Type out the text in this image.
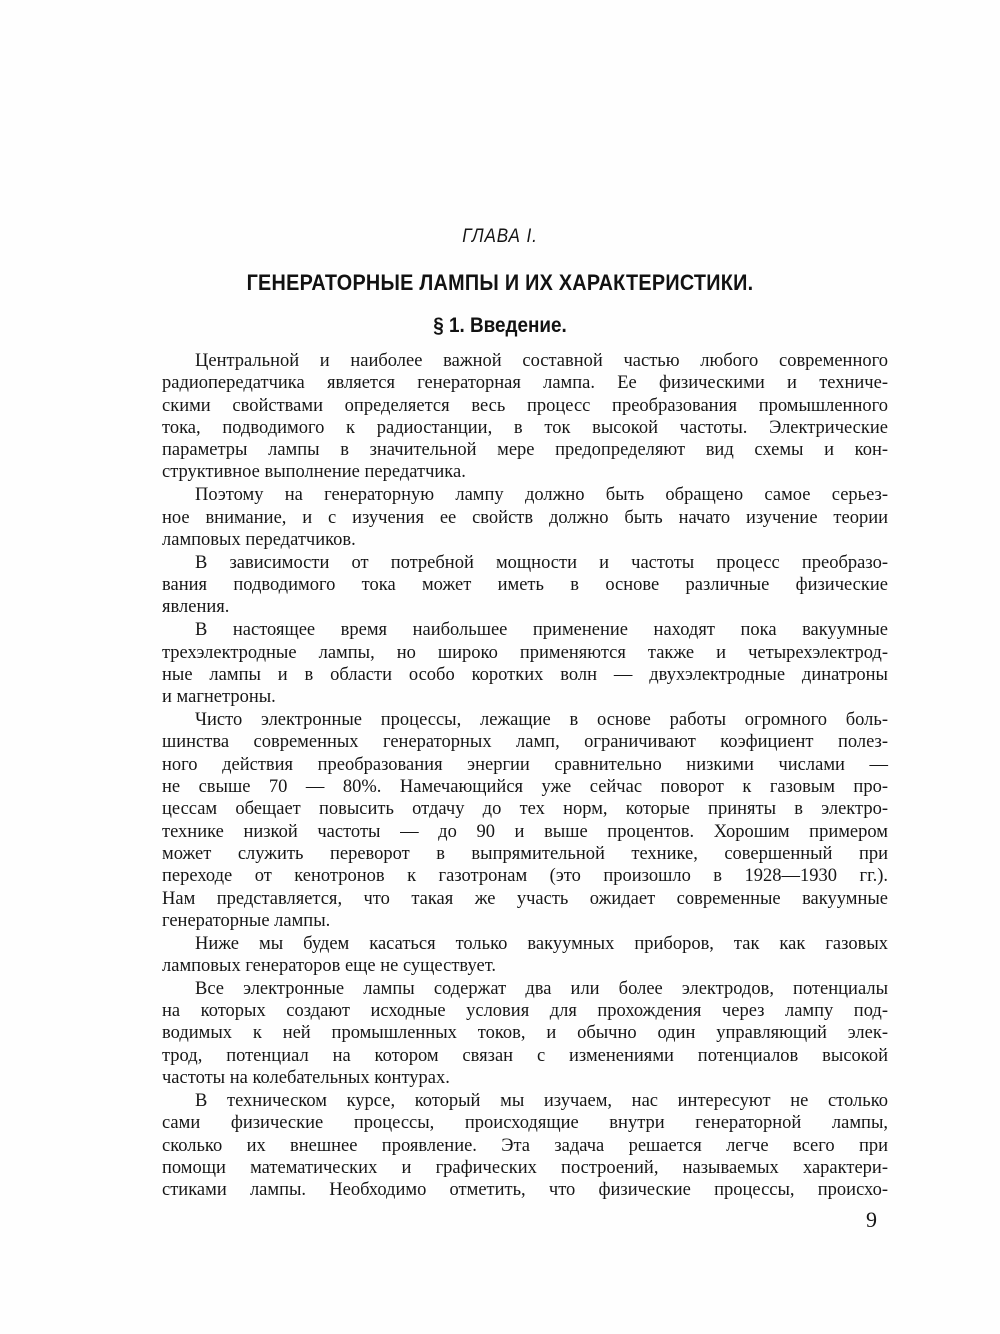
ГЛАВА I.
ГЕНЕРАТОРНЫЕ ЛАМПЫ И ИХ ХАРАКТЕРИСТИКИ.
§ 1. Введение.
Центральной и наиболее важной составной частью любого современного
радиопередатчика является генераторная лампа. Ее физическими и техниче-
скими свойствами определяется весь процесс преобразования промышленного
тока, подводимого к радиостанции, в ток высокой частоты. Электрические
параметры лампы в значительной мере предопределяют вид схемы и кон-
структивное выполнение передатчика.
Поэтому на генераторную лампу должно быть обращено самое серьез-
ное внимание, и с изучения ее свойств должно быть начато изучение теории
ламповых передатчиков.
В зависимости от потребной мощности и частоты процесс преобразо-
вания подводимого тока может иметь в основе различные физические
явления.
В настоящее время наибольшее применение находят пока вакуумные
трехэлектродные лампы, но широко применяются также и четырехэлектрод-
ные лампы и в области особо коротких волн — двухэлектродные динатроны
и магнетроны.
Чисто электронные процессы, лежащие в основе работы огромного боль-
шинства современных генераторных ламп, ограничивают коэфициент полез-
ного действия преобразования энергии сравнительно низкими числами —
не свыше 70 — 80%. Намечающийся уже сейчас поворот к газовым про-
цессам обещает повысить отдачу до тех норм, которые приняты в электро-
технике низкой частоты — до 90 и выше процентов. Хорошим примером
может служить переворот в выпрямительной технике, совершенный при
переходе от кенотронов к газотронам (это произошло в 1928—1930 гг.).
Нам представляется, что такая же участь ожидает современные вакуумные
генераторные лампы.
Ниже мы будем касаться только вакуумных приборов, так как газовых
ламповых генераторов еще не существует.
Все электронные лампы содержат два или более электродов, потенциалы
на которых создают исходные условия для прохождения через лампу под-
водимых к ней промышленных токов, и обычно один управляющий элек-
трод, потенциал на котором связан с изменениями потенциалов высокой
частоты на колебательных контурах.
В техническом курсе, который мы изучаем, нас интересуют не столько
сами физические процессы, происходящие внутри генераторной лампы,
сколько их внешнее проявление. Эта задача решается легче всего при
помощи математических и графических построений, называемых характери-
стиками лампы. Необходимо отметить, что физические процессы, происхо-
9
